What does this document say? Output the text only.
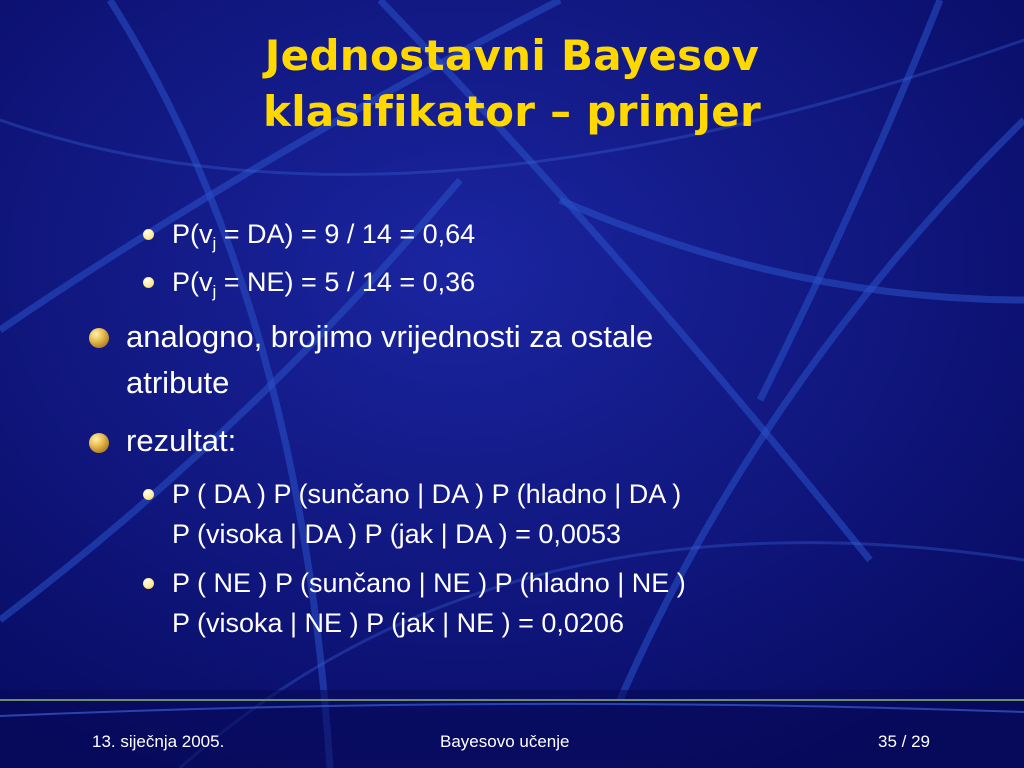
Jednostavni Bayesov
klasifikator – primjer
$P(v_j = DA) = 9 / 14 = 0,64$
$P(v_j = NE) = 5 / 14 = 0,36$
analogno, brojimo vrijednosti za ostale
atribute
rezultat:
P ( DA ) P (sunčano | DA ) P (hladno | DA )
P (visoka | DA ) P (jak | DA ) = 0,0053
P ( NE ) P (sunčano | NE ) P (hladno | NE )
P (visoka | NE ) P (jak | NE ) = 0,0206
13. siječnja 2005.	Bayesovo učenje	35 / 29
